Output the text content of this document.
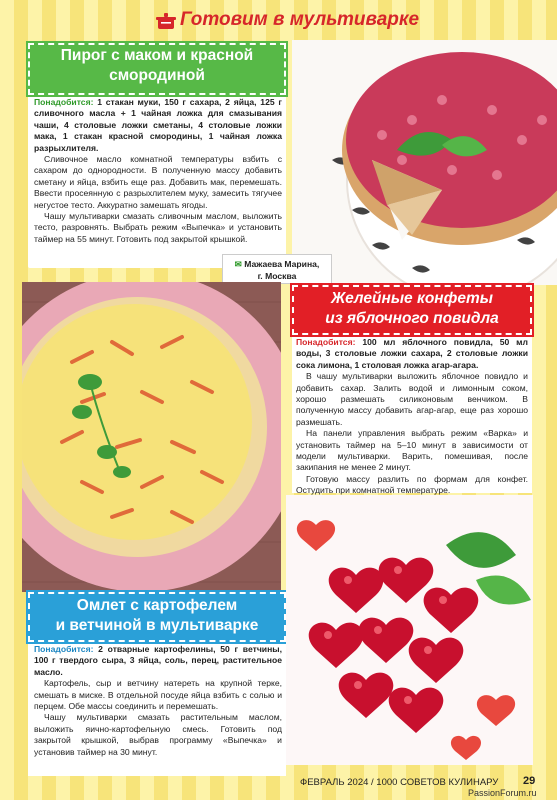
Готовим в мультиварке
Пирог с маком и красной
смородиной

Понадобится: 1 стакан муки, 150 г сахара, 2 яйца, 125 г сливочного масла + 1 чайная ложка для смазывания чаши, 4 столовые ложки сметаны, 4 столовые ложки мака, 1 стакан красной смородины, 1 чайная ложка разрыхлителя.

Сливочное масло комнатной температуры взбить с сахаром до однородности. В полученную массу добавить сметану и яйца, взбить еще раз. Добавить мак, перемешать. Ввести просеянную с разрыхлителем муку, замесить тягучее негустое тесто. Аккуратно замешать ягоды.

Чашу мультиварки смазать сливочным маслом, выложить тесто, разровнять. Выбрать режим «Выпечка» и установить таймер на 55 минут. Готовить под закрытой крышкой.

✉ Мажаева Марина,
г. Москва
Омлет с картофелем
и ветчиной в мультиварке

Понадобится: 2 отварные картофелины, 50 г ветчины, 100 г твердого сыра, 3 яйца, соль, перец, растительное масло.

Картофель, сыр и ветчину натереть на крупной терке, смешать в миске. В отдельной посуде яйца взбить с солью и перцем. Обе массы соединить и перемешать.

Чашу мультиварки смазать растительным маслом, выложить яично-картофельную смесь. Готовить под закрытой крышкой, выбрав программу «Выпечка» и установив таймер на 30 минут.

Желейные конфеты
из яблочного повидла

Понадобится: 100 мл яблочного повидла, 50 мл воды, 3 столовые ложки сахара, 2 столовые ложки сока лимона, 1 столовая ложка агар-агара.

В чашу мультиварки выложить яблочное повидло и добавить сахар. Залить водой и лимонным соком, хорошо размешать силиконовым венчиком. В полученную массу добавить агар-агар, еще раз хорошо размешать.

На панели управления выбрать режим «Варка» и установить таймер на 5–10 минут в зависимости от модели мультиварки. Варить, помешивая, после закипания не менее 2 минут.

Готовую массу разлить по формам для конфет. Остудить при комнатной температуре.

ФЕВРАЛЬ 2024 / 1000 СОВЕТОВ КУЛИНАРУ 29
PassionForum.ru
